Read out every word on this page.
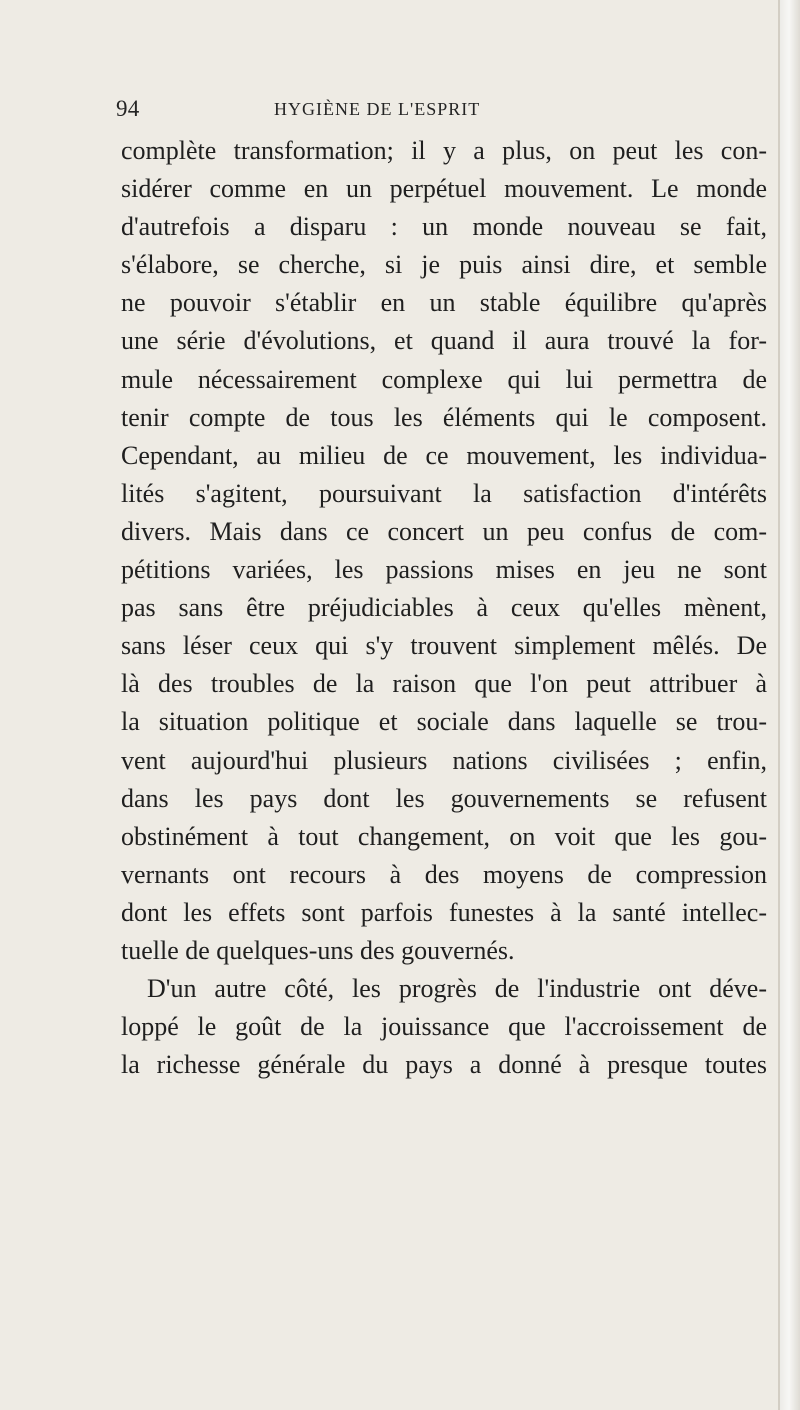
94	HYGIÈNE DE L'ESPRIT
complète transformation; il y a plus, on peut les con-
sidérer comme en un perpétuel mouvement. Le monde
d'autrefois a disparu : un monde nouveau se fait,
s'élabore, se cherche, si je puis ainsi dire, et semble
ne pouvoir s'établir en un stable équilibre qu'après
une série d'évolutions, et quand il aura trouvé la for-
mule nécessairement complexe qui lui permettra de
tenir compte de tous les éléments qui le composent.
Cependant, au milieu de ce mouvement, les individua-
lités s'agitent, poursuivant la satisfaction d'intérêts
divers. Mais dans ce concert un peu confus de com-
pétitions variées, les passions mises en jeu ne sont
pas sans être préjudiciables à ceux qu'elles mènent,
sans léser ceux qui s'y trouvent simplement mêlés. De
là des troubles de la raison que l'on peut attribuer à
la situation politique et sociale dans laquelle se trou-
vent aujourd'hui plusieurs nations civilisées ; enfin,
dans les pays dont les gouvernements se refusent
obstinément à tout changement, on voit que les gou-
vernants ont recours à des moyens de compression
dont les effets sont parfois funestes à la santé intellec-
tuelle de quelques-uns des gouvernés.
D'un autre côté, les progrès de l'industrie ont déve-
loppé le goût de la jouissance que l'accroissement de
la richesse générale du pays a donné à presque toutes
